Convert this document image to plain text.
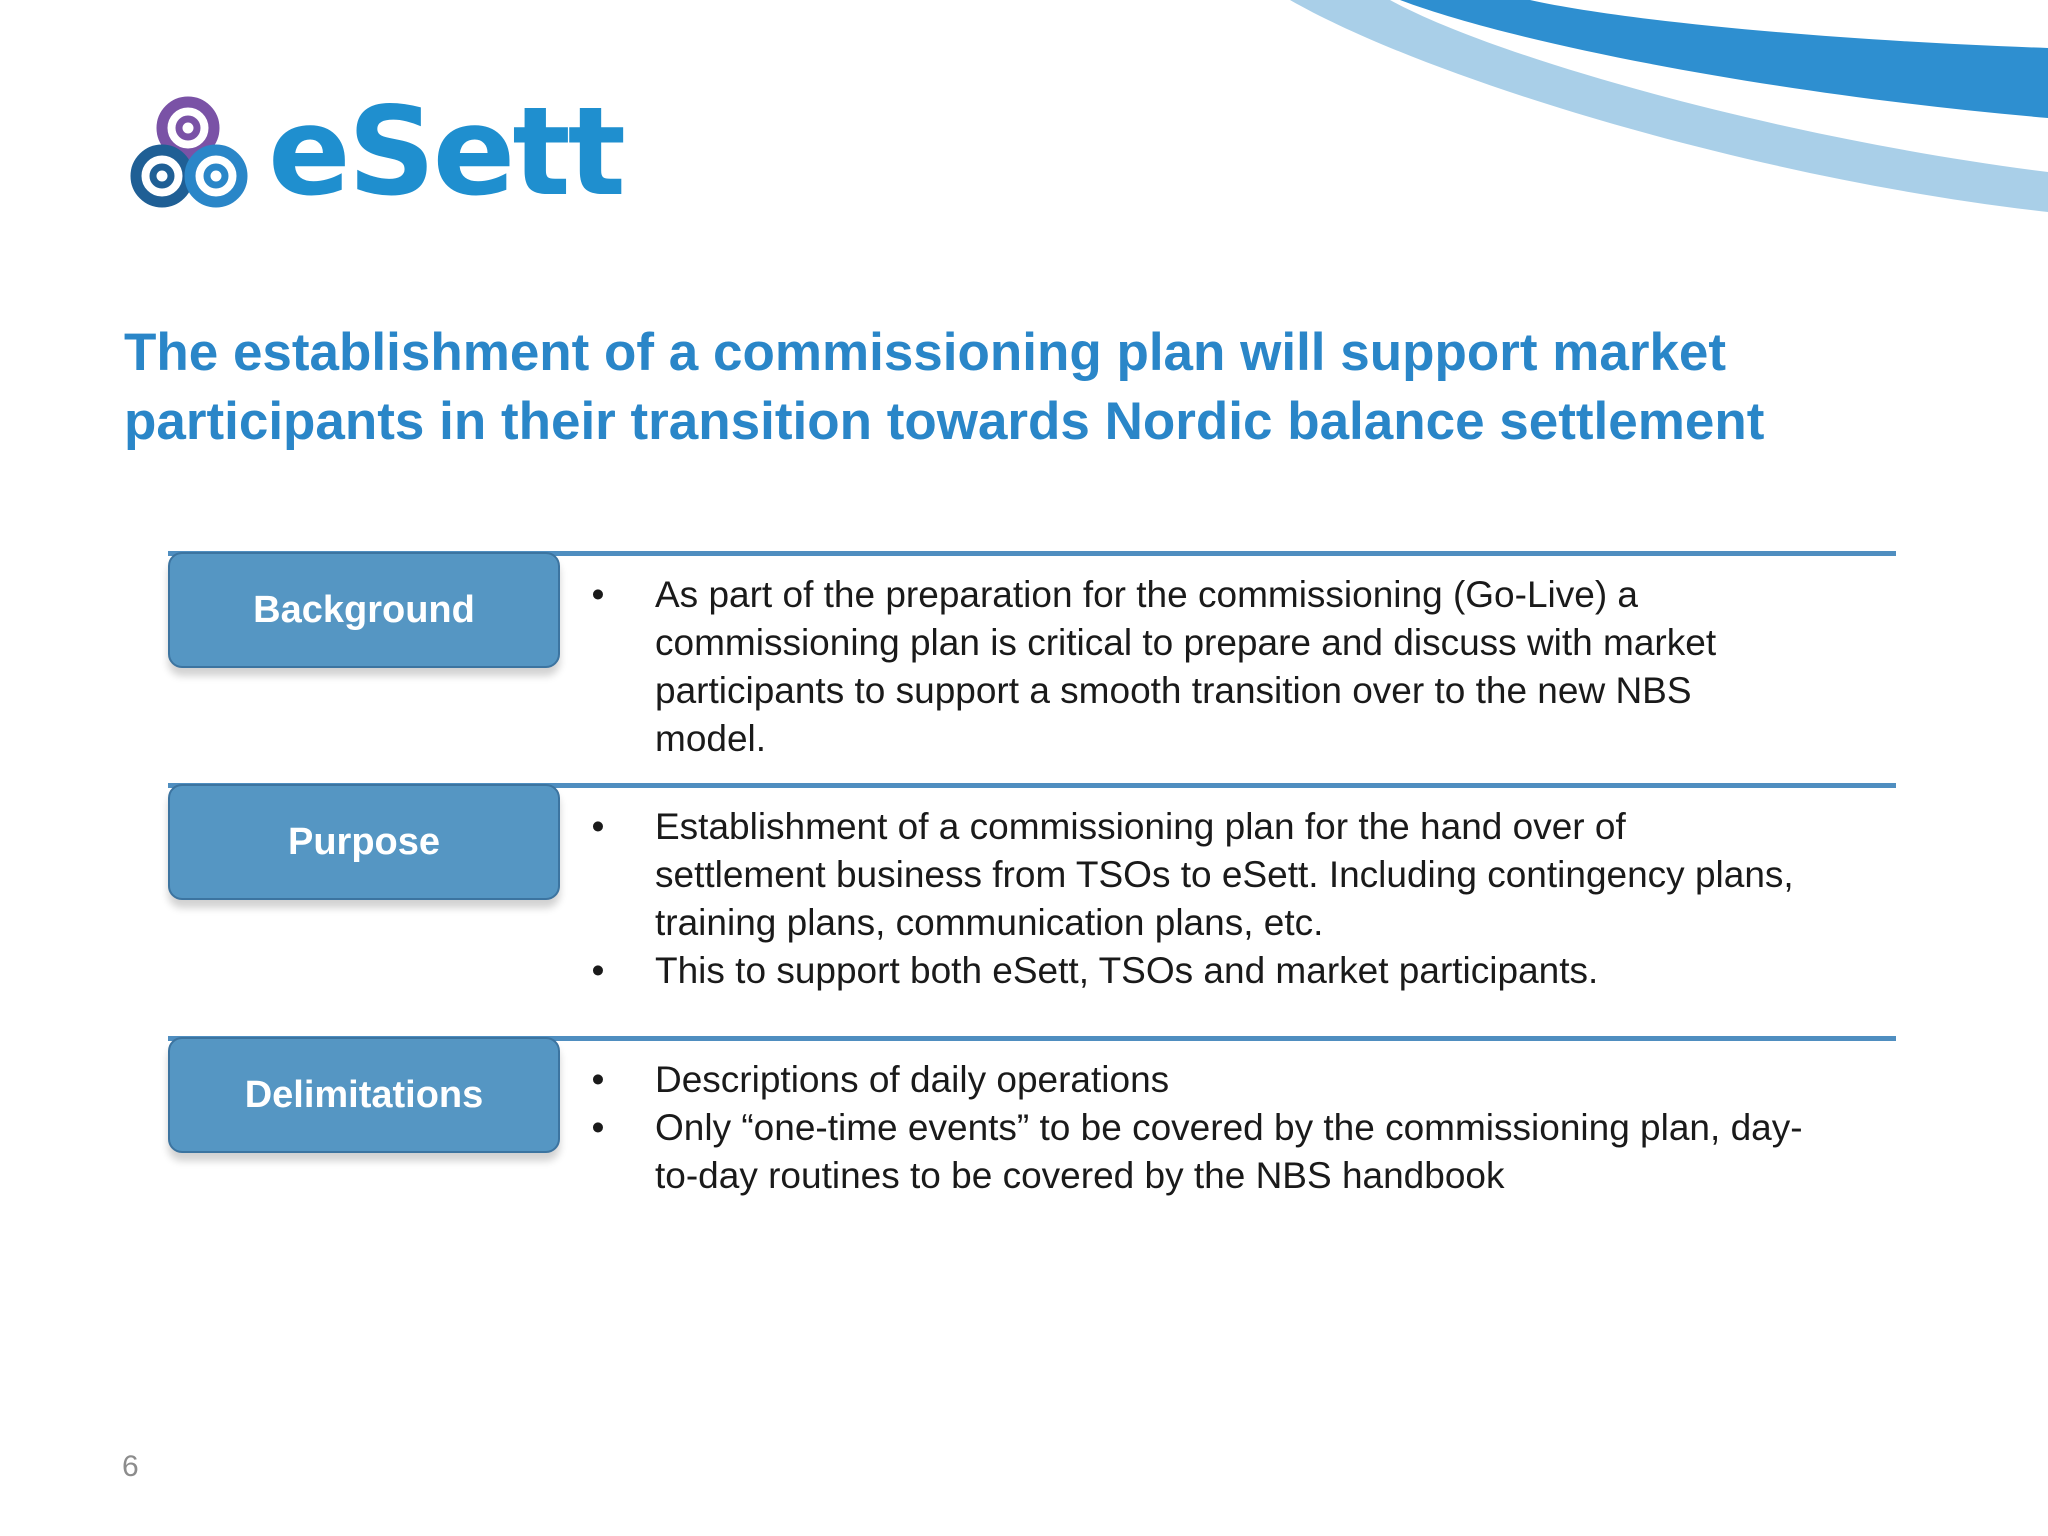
eSett
The establishment of a commissioning plan will support market
participants in their transition towards Nordic balance settlement
Background	•	As part of the preparation for the commissioning (Go-Live) a
commissioning plan is critical to prepare and discuss with market
participants to support a smooth transition over to the new NBS
model.
Purpose	•	Establishment of a commissioning plan for the hand over of
settlement business from TSOs to eSett. Including contingency plans,
training plans, communication plans, etc.
•	This to support both eSett, TSOs and market participants.
Delimitations	•	Descriptions of daily operations
•	Only “one-time events” to be covered by the commissioning plan, day-
to-day routines to be covered by the NBS handbook
6
